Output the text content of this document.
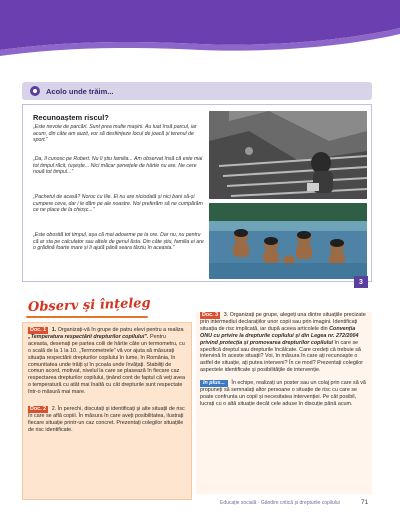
Acolo unde trăim...
Recunoaștem riscul?
„Este nevoie de parcări. Sunt prea multe mașini. Au luat însă parcul, iar acum, din câte am auzit, vor să desființeze locul de joacă și terenul de sport.”
„Da, îl cunosc pe Robert. Nu îi știu familia... Am observat însă că este mai tot timpul răcit, tușește... Nici măcar șervețele de hârtie nu are. Ne cere nouă tot timpul...”
„Pachetul de acasă? Noroc cu Ilie. El nu are niciodată și nici bani să-și cumpere ceva, dar i le dăm pe ale noastre. Noi preferăm să ne cumpărăm ce ne place de la chioșc...”
„Este obosită tot timpul, așa că mai adoarme pe la ore. Dar nu, nu pentru că ar sta pe calculator sau altele de genul ăsta. Din câte știu, familia ei are o grădină foarte mare și îi ajută până seara târziu în aceasta.”
3
Observ și înțeleg
Doc. 1 1. Organizați-vă în grupe de patru elevi pentru a realiza „Temperatura respectării drepturilor copilului”. Pentru aceasta, desenați pe partea colii de hârtie câte un termometru, cu o scală de la 1 la 10. „Termometrele” vă vor ajuta să măsurați situația respectării drepturilor copilului în lume, în România, în comunitatea unde trăiți și în școala unde învățați. Stabiliți de comun acord, motivat, nivelul la care se plasează în fiecare caz respectarea drepturilor copilului, ținând cont de faptul că veți avea o temperatură cu atât mai înaltă cu cât drepturile sunt respectate într-o măsură mai mare.
Doc. 2 2. În perechi, discutați și identificați și alte situații de risc în care se află copiii. În măsura în care aveți posibilitatea, ilustrați fiecare situație printr-un caz concret. Prezentați colegilor situațiile de risc identificate.
Doc. 3 3. Organizați pe grupe, alegeți una dintre situațiile precizate prin intermediul declarațiilor unor copii sau prin imagini. Identificați situația de risc implicată, iar după aceea articolele din Convenția ONU cu privire la drepturile copilului și din Legea nr. 272/2004 privind protecția și promovarea drepturilor copilului în care se specifică dreptul sau drepturile încălcate. Care credeți că trebuie să intervină în aceste situații? Voi, în măsura în care ați recunoaște o astfel de situație, ați putea interveni? În ce mod? Prezentați colegilor aspectele identificate și posibilitățile de intervenție.
În plus... În echipe, realizați un poster sau un colaj prin care să vă propuneți să semnalați altor persoane o situație de risc cu care se poate confrunta un copil și necesitatea intervenției. Pe cât posibil, lucrați cu o altă situație decât cele aduse în discuție până acum.
Educație socială · Gândire critică și drepturile copilului	71
